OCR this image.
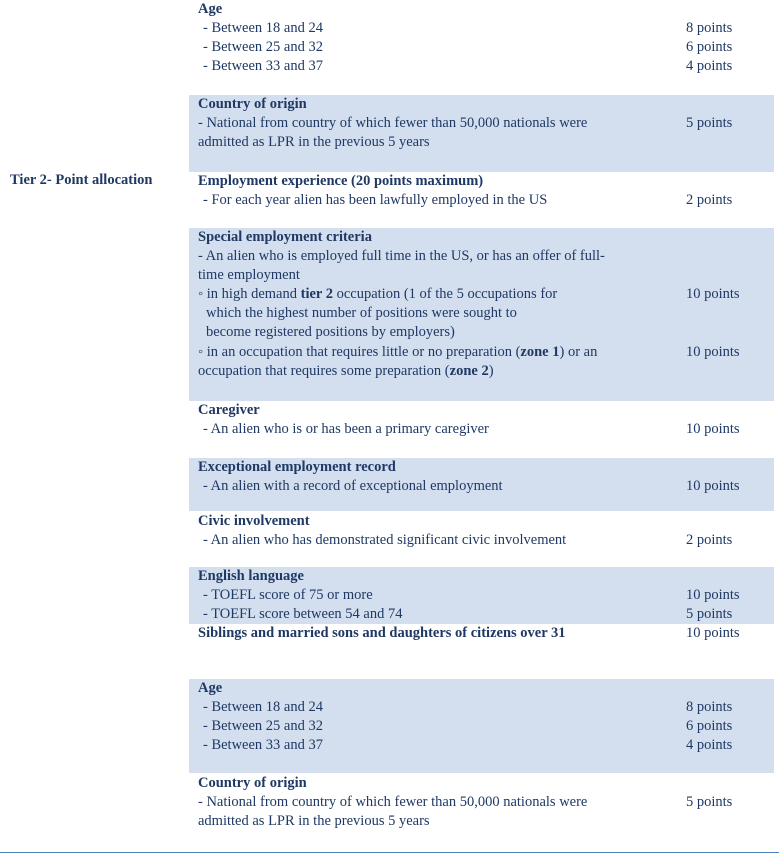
Tier 2- Point allocation
Age
- Between 18 and 24	8 points
- Between 25 and 32	6 points
- Between 33 and 37	4 points
Country of origin
- National from country of which fewer than 50,000 nationals were	5 points
admitted as LPR in the previous 5 years
Employment experience (20 points maximum)
- For each year alien has been lawfully employed in the US	2 points
Special employment criteria
- An alien who is employed full time in the US, or has an offer of full-
time employment
◦ in high demand tier 2 occupation (1 of the 5 occupations for	10 points
which the highest number of positions were sought to
become registered positions by employers)
◦ in an occupation that requires little or no preparation (zone 1) or an	10 points
occupation that requires some preparation (zone 2)
Caregiver
- An alien who is or has been a primary caregiver	10 points
Exceptional employment record
- An alien with a record of exceptional employment	10 points
Civic involvement
- An alien who has demonstrated significant civic involvement	2 points
English language
- TOEFL score of 75 or more	10 points
- TOEFL score between 54 and 74	5 points
Siblings and married sons and daughters of citizens over 31	10 points
Age
- Between 18 and 24	8 points
- Between 25 and 32	6 points
- Between 33 and 37	4 points
Country of origin
- National from country of which fewer than 50,000 nationals were	5 points
admitted as LPR in the previous 5 years
